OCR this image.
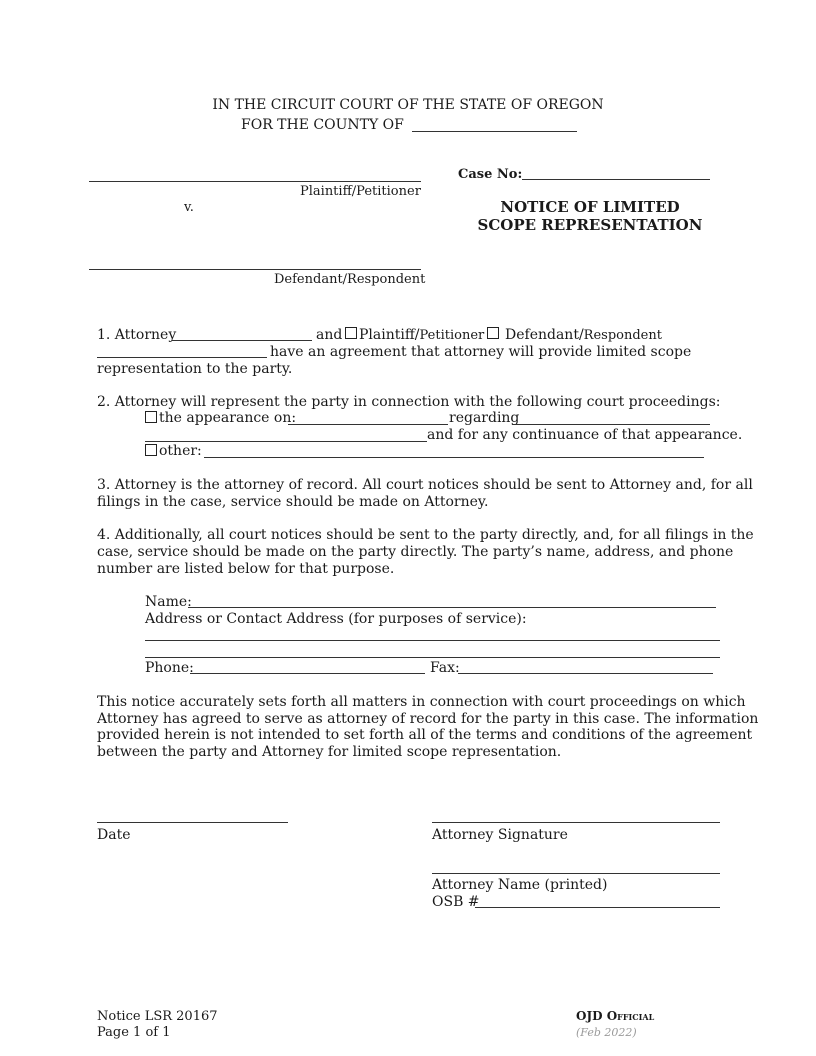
IN THE CIRCUIT COURT OF THE STATE OF OREGON
FOR THE COUNTY OF
Plaintiff/Petitioner
v.
Defendant/Respondent
Case No:
NOTICE OF LIMITED
SCOPE REPRESENTATION
1. Attorney	and Plaintiff/Petitioner Defendant/Respondent
have an agreement that attorney will provide limited scope
representation to the party.
2. Attorney will represent the party in connection with the following court proceedings:
the appearance on:	regarding
and for any continuance of that appearance.
other:
3. Attorney is the attorney of record. All court notices should be sent to Attorney and, for all
filings in the case, service should be made on Attorney.
4. Additionally, all court notices should be sent to the party directly, and, for all filings in the
case, service should be made on the party directly. The party’s name, address, and phone
number are listed below for that purpose.
Name:
Address or Contact Address (for purposes of service):
Phone:	Fax:
This notice accurately sets forth all matters in connection with court proceedings on which
Attorney has agreed to serve as attorney of record for the party in this case. The information
provided herein is not intended to set forth all of the terms and conditions of the agreement
between the party and Attorney for limited scope representation.
Date	Attorney Signature
Attorney Name (printed)
OSB #
Notice LSR 20167
Page 1 of 1
OJD Official
(Feb 2022)
